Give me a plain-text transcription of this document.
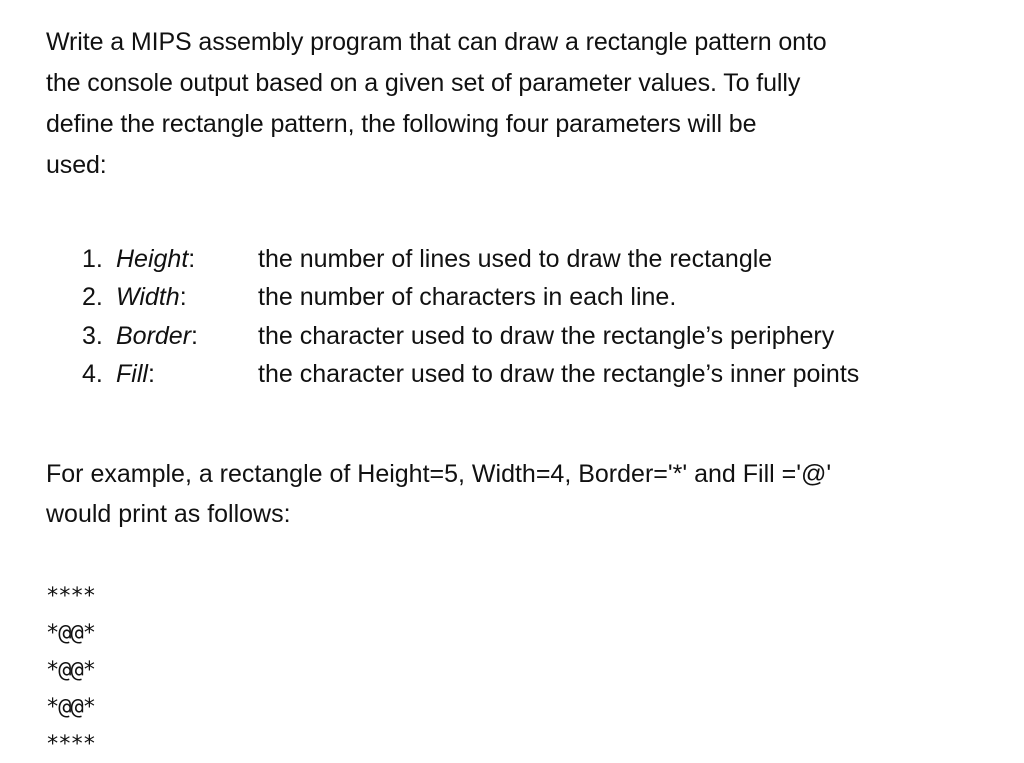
Write a MIPS assembly program that can draw a rectangle pattern onto
the console output based on a given set of parameter values. To fully
define the rectangle pattern, the following four parameters will be
used:

1. Height:	the number of lines used to draw the rectangle
2. Width:	the number of characters in each line.
3. Border:	the character used to draw the rectangle’s periphery
4. Fill:	the character used to draw the rectangle’s inner points

For example, a rectangle of Height=5, Width=4, Border='*' and Fill ='@'
would print as follows:

****
*@@*
*@@*
*@@*
****
